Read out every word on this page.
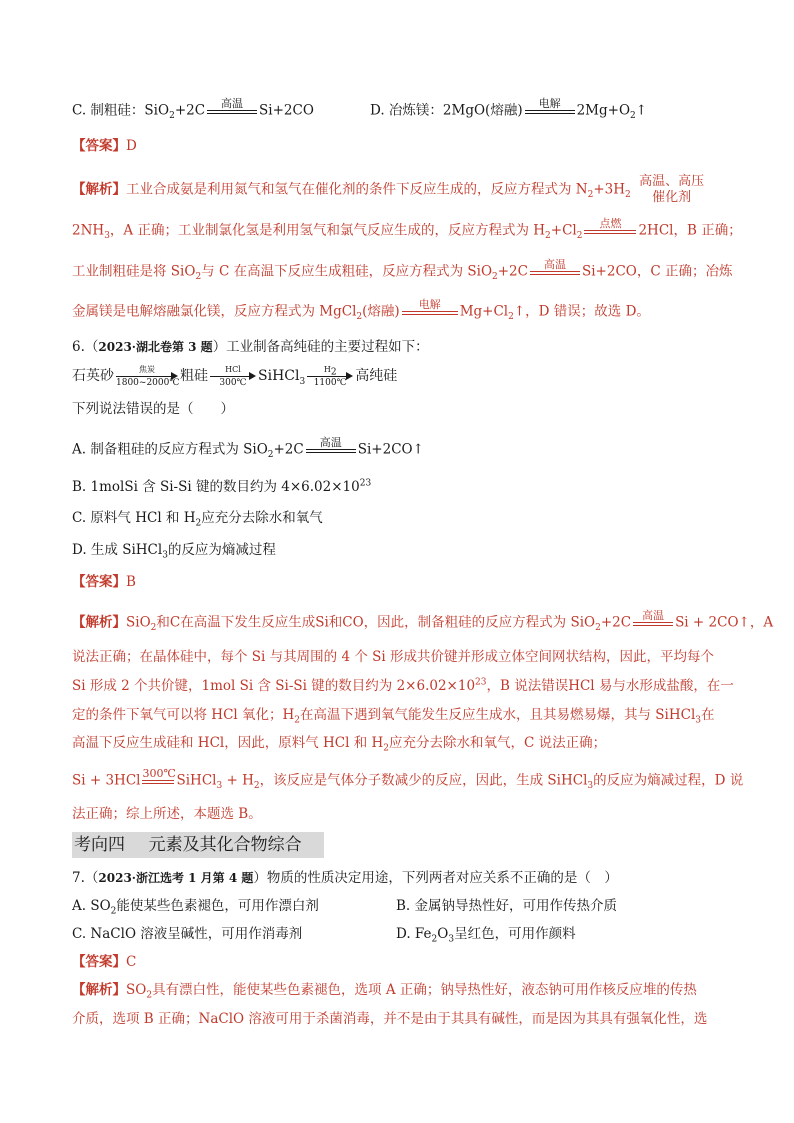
C. 制粗硅：SiO$_2$+2C	高温
	Si+2CO	D. 冶炼镁：2MgO(熔融)	电解
	$2Mg+O_2↑$
【答案】D
【解析】工业合成氨是利用氮气和氢气在催化剂的条件下反应生成的，反应方程式为 $N_2+3H_2$
高温、高压
催化剂
$2NH_3$，A 正确；工业制氯化氢是利用氢气和氯气反应生成的，反应方程式为 $H_2+Cl_2$
点燃
	2HCl，B 正确；
工业制粗硅是将 SiO$_2$与 C 在高温下反应生成粗硅，反应方程式为 SiO$_2$+2C	高温
	Si+2CO，C 正确；冶炼
金属镁是电解熔融氯化镁，反应方程式为 MgCl$_2$(熔融)	电解
	$Mg+Cl_2↑$，D 错误；故选 D。
6.（2023·湖北卷第 3 题）工业制备高纯硅的主要过程如下：
石英砂	焦炭
1800~2000℃ 粗硅	HCl
300℃ SiHCl$_3$
$H_2$
1100℃ 高纯硅
下列说法错误的是（　　）
A. 制备粗硅的反应方程式为 SiO$_2$+2C	高温
	Si+2CO↑
B. 1molSi 含 Si-Si 键的数目约为 $4\times 6.02\times 10^{23}$
C. 原料气 HCl 和 $H_2$应充分去除水和氧气
D. 生成 SiHCl$_3$的反应为熵减过程
【答案】B
【解析】SiO$_2$和C在高温下发生反应生成Si和CO，因此，制备粗硅的反应方程式为 SiO$_2$+2C	高温
Si + 2CO↑，A
说法正确；在晶体硅中，每个 Si 与其周围的 4 个 Si 形成共价键并形成立体空间网状结构，因此，平均每个
Si 形成 2 个共价键，1mol Si 含 Si-Si 键的数目约为 $2\times 6.02\times 10^{23}$，B 说法错误HCl 易与水形成盐酸，在一
定的条件下氧气可以将 HCl 氧化；$H_2$在高温下遇到氧气能发生反应生成水，且其易燃易爆，其与 SiHCl$_3$在
高温下反应生成硅和 HCl，因此，原料气 HCl 和 $H_2$应充分去除水和氧气，C 说法正确；
Si + 3HCl 300℃
SiHCl$_3$ + $H_2$，该反应是气体分子数减少的反应，因此，生成 SiHCl$_3$的反应为熵减过程，D 说
法正确；综上所述，本题选 B。
考向四 元素及其化合物综合
7.（2023·浙江选考 1 月第 4 题）物质的性质决定用途，下列两者对应关系不正确的是（　）
A. $SO_2$能使某些色素褪色，可用作漂白剂	B. 金属钠导热性好，可用作传热介质
C. NaClO 溶液呈碱性，可用作消毒剂	D. $Fe_2O_3$呈红色，可用作颜料
【答案】C
【解析】$SO_2$具有漂白性，能使某些色素褪色，选项 A 正确；钠导热性好，液态钠可用作核反应堆的传热
介质，选项 B 正确；NaClO 溶液可用于杀菌消毒，并不是由于其具有碱性，而是因为其具有强氧化性，选
